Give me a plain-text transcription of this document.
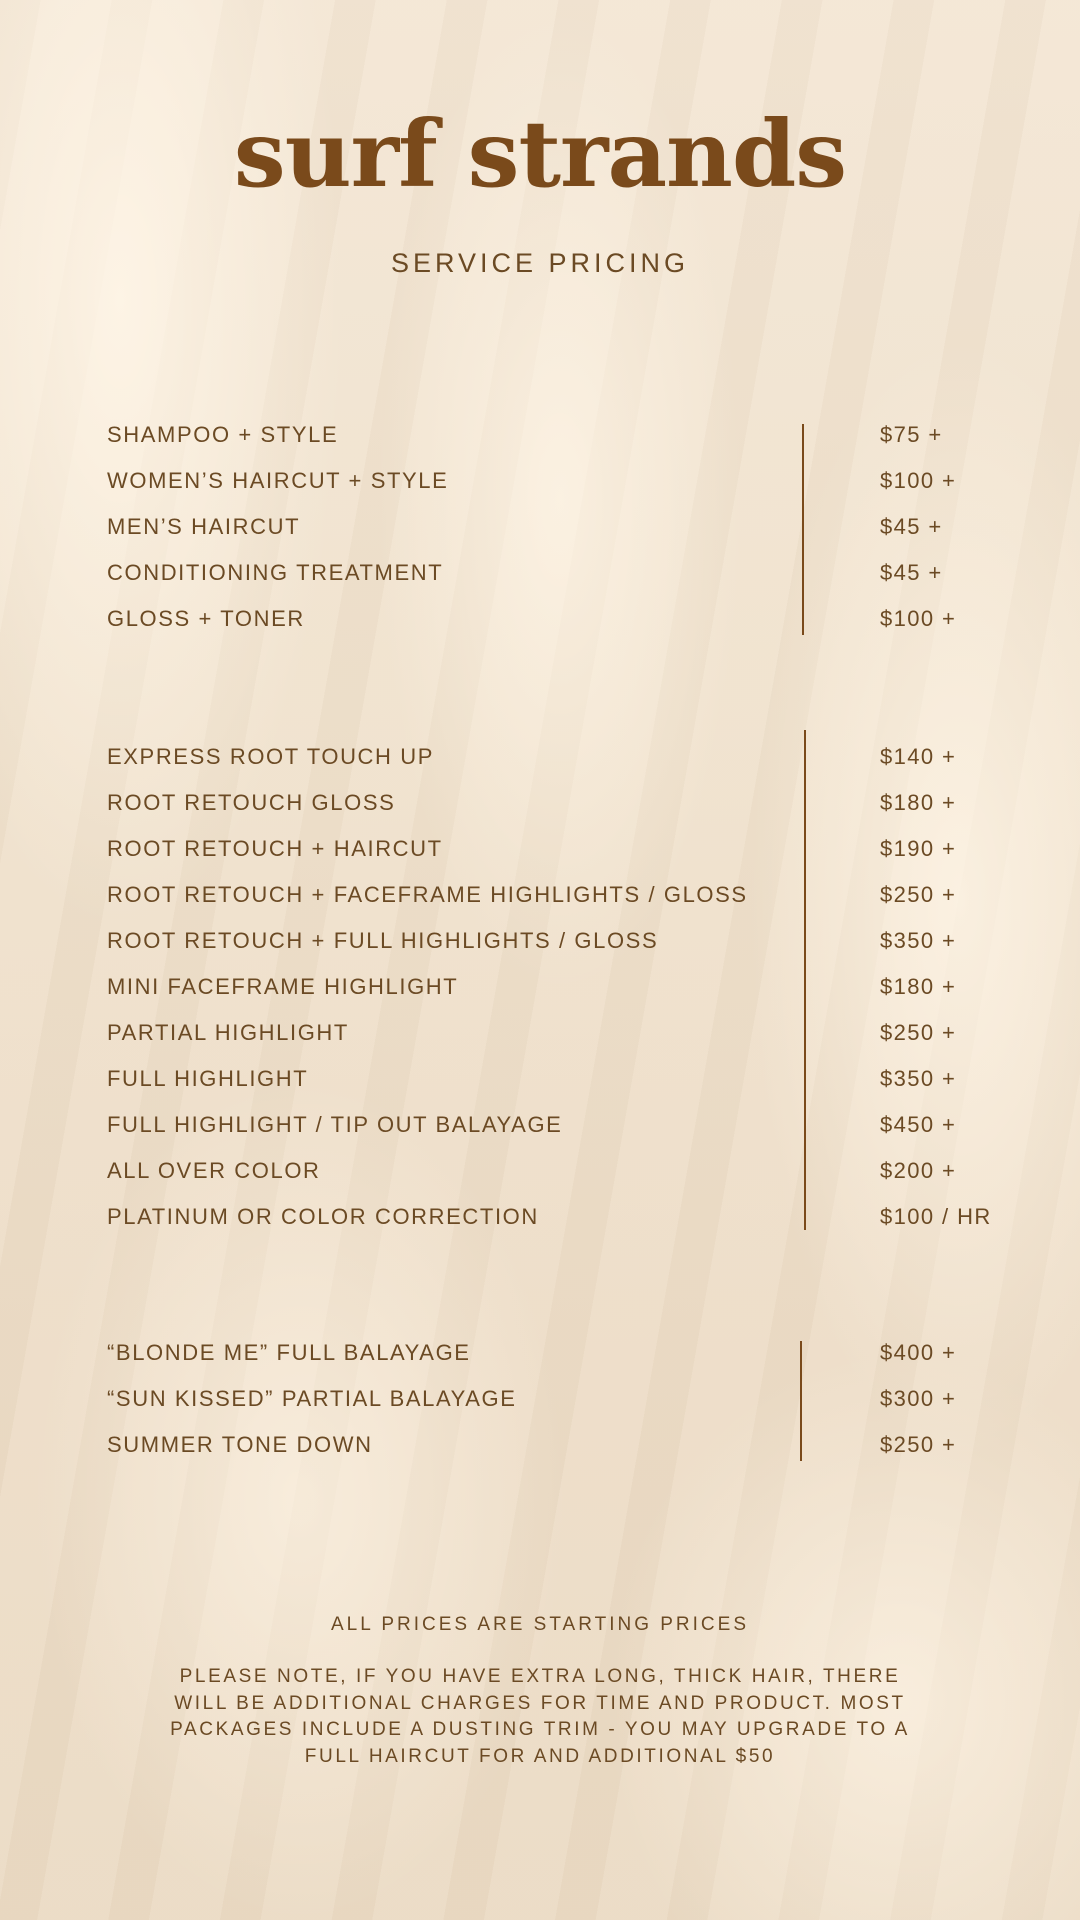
surf strands
SERVICE PRICING
SHAMPOO + STYLE	$75 +
WOMEN’S HAIRCUT + STYLE	$100 +
MEN’S HAIRCUT	$45 +
CONDITIONING TREATMENT	$45 +
GLOSS + TONER	$100 +
EXPRESS ROOT TOUCH UP	$140 +
ROOT RETOUCH GLOSS	$180 +
ROOT RETOUCH + HAIRCUT	$190 +
ROOT RETOUCH + FACEFRAME HIGHLIGHTS / GLOSS	$250 +
ROOT RETOUCH + FULL HIGHLIGHTS / GLOSS	$350 +
MINI FACEFRAME HIGHLIGHT	$180 +
PARTIAL HIGHLIGHT	$250 +
FULL HIGHLIGHT	$350 +
FULL HIGHLIGHT / TIP OUT BALAYAGE	$450 +
ALL OVER COLOR	$200 +
PLATINUM OR COLOR CORRECTION	$100 / HR
“BLONDE ME” FULL BALAYAGE	$400 +
“SUN KISSED” PARTIAL BALAYAGE	$300 +
SUMMER TONE DOWN	$250 +
ALL PRICES ARE STARTING PRICES
PLEASE NOTE, IF YOU HAVE EXTRA LONG, THICK HAIR, THERE WILL BE ADDITIONAL CHARGES FOR TIME AND PRODUCT. MOST PACKAGES INCLUDE A DUSTING TRIM - YOU MAY UPGRADE TO A FULL HAIRCUT FOR AND ADDITIONAL $50
